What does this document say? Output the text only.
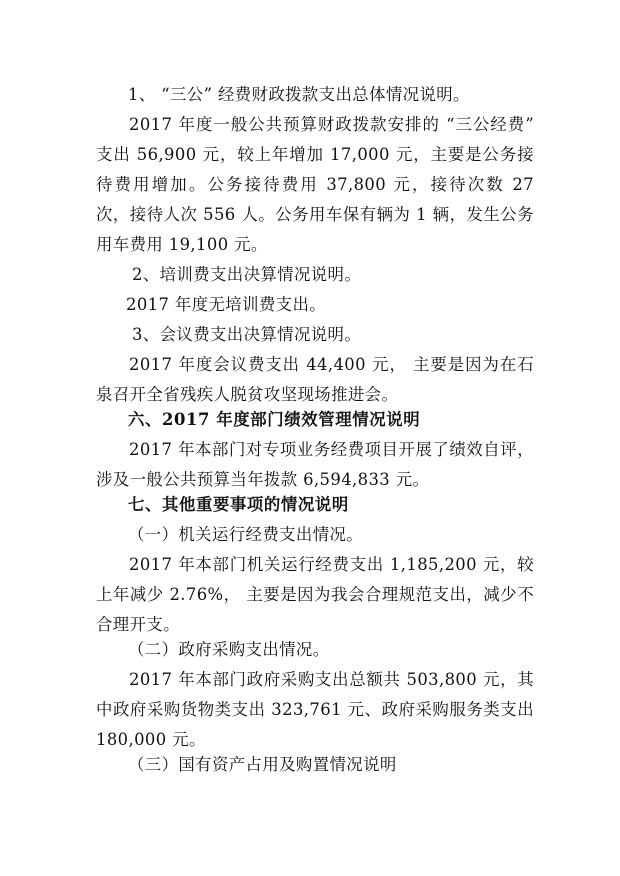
1、 “三公” 经费财政拨款支出总体情况说明。

2017 年度一般公共预算财政拨款安排的 “三公经费” 支出 56,900 元，较上年增加 17,000 元，主要是公务接待费用增加。公务接待费用 37,800 元，接待次数 27 次，接待人次 556 人。公务用车保有辆为 1 辆，发生公务用车费用 19,100 元。

2、培训费支出决算情况说明。

2017 年度无培训费支出。

3、会议费支出决算情况说明。

2017 年度会议费支出 44,400 元， 主要是因为在石泉召开全省残疾人脱贫攻坚现场推进会。

六、2017 年度部门绩效管理情况说明

2017 年本部门对专项业务经费项目开展了绩效自评，涉及一般公共预算当年拨款 6,594,833 元。

七、其他重要事项的情况说明

（一）机关运行经费支出情况。

2017 年本部门机关运行经费支出 1,185,200 元，较上年减少 2.76%， 主要是因为我会合理规范支出，减少不合理开支。

（二）政府采购支出情况。

2017 年本部门政府采购支出总额共 503,800 元，其中政府采购货物类支出 323,761 元、政府采购服务类支出 180,000 元。

（三）国有资产占用及购置情况说明
